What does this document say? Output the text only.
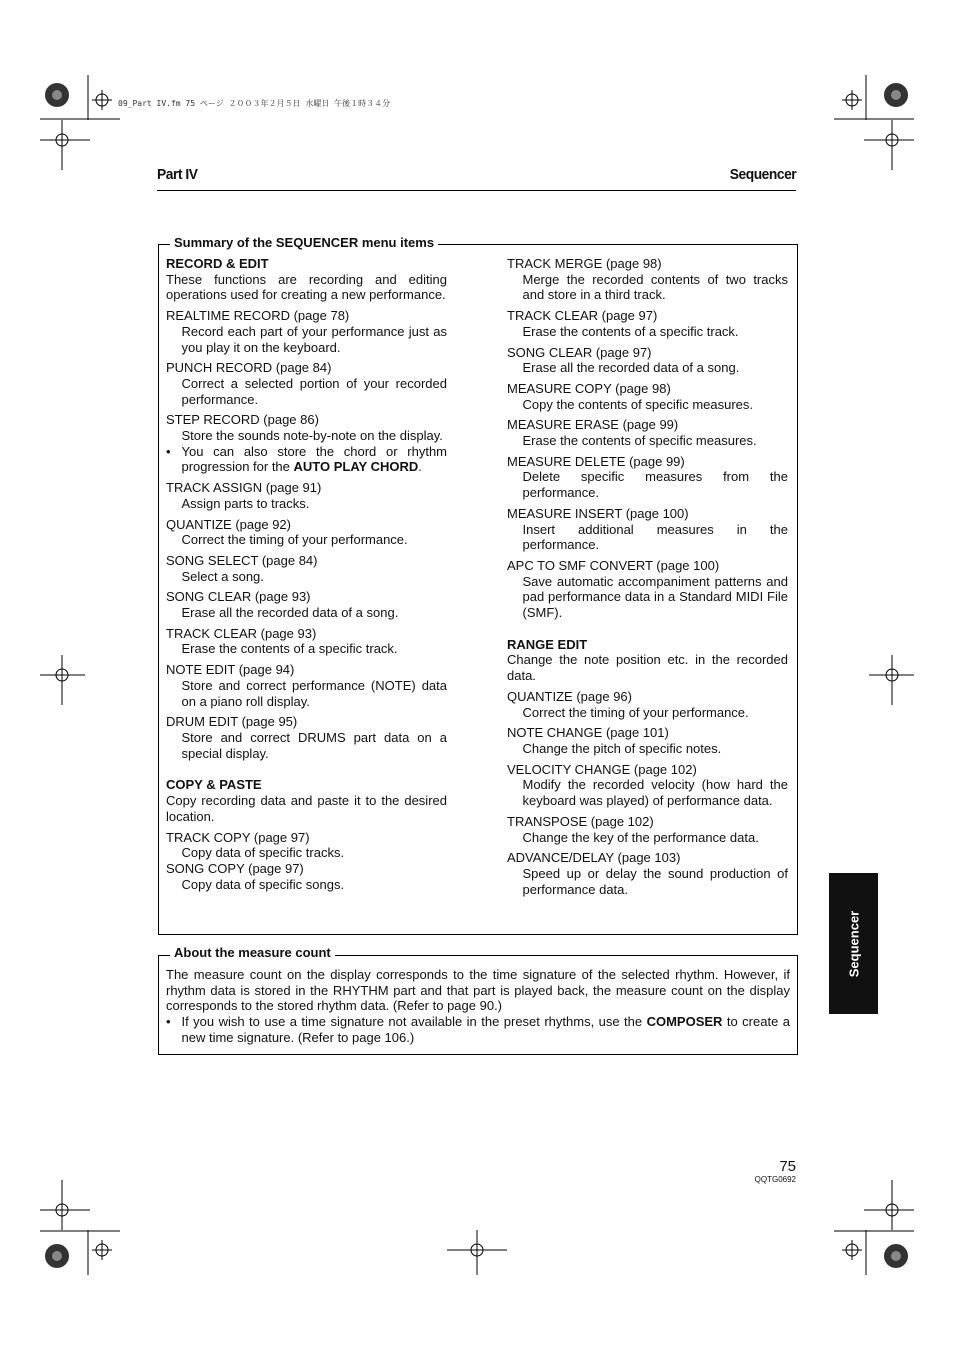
09_Part IV.fm 75 ページ ２００３年２月５日 水曜日 午後１時３４分
Part IV	Sequencer
Summary of the SEQUENCER menu items
RECORD & EDIT
These functions are recording and editing operations used for creating a new performance.
REALTIME RECORD (page 78)
Record each part of your performance just as you play it on the keyboard.
PUNCH RECORD (page 84)
Correct a selected portion of your recorded performance.
STEP RECORD (page 86)
Store the sounds note-by-note on the display.
• You can also store the chord or rhythm progression for the AUTO PLAY CHORD.
TRACK ASSIGN (page 91)
Assign parts to tracks.
QUANTIZE (page 92)
Correct the timing of your performance.
SONG SELECT (page 84)
Select a song.
SONG CLEAR (page 93)
Erase all the recorded data of a song.
TRACK CLEAR (page 93)
Erase the contents of a specific track.
NOTE EDIT (page 94)
Store and correct performance (NOTE) data on a piano roll display.
DRUM EDIT (page 95)
Store and correct DRUMS part data on a special display.
COPY & PASTE
Copy recording data and paste it to the desired location.
TRACK COPY (page 97)
Copy data of specific tracks.
SONG COPY (page 97)
Copy data of specific songs.
TRACK MERGE (page 98)
Merge the recorded contents of two tracks and store in a third track.
TRACK CLEAR (page 97)
Erase the contents of a specific track.
SONG CLEAR (page 97)
Erase all the recorded data of a song.
MEASURE COPY (page 98)
Copy the contents of specific measures.
MEASURE ERASE (page 99)
Erase the contents of specific measures.
MEASURE DELETE (page 99)
Delete specific measures from the performance.
MEASURE INSERT (page 100)
Insert additional measures in the performance.
APC TO SMF CONVERT (page 100)
Save automatic accompaniment patterns and pad performance data in a Standard MIDI File (SMF).
RANGE EDIT
Change the note position etc. in the recorded data.
QUANTIZE (page 96)
Correct the timing of your performance.
NOTE CHANGE (page 101)
Change the pitch of specific notes.
VELOCITY CHANGE (page 102)
Modify the recorded velocity (how hard the keyboard was played) of performance data.
TRANSPOSE (page 102)
Change the key of the performance data.
ADVANCE/DELAY (page 103)
Speed up or delay the sound production of performance data.
About the measure count

The measure count on the display corresponds to the time signature of the selected rhythm. However, if rhythm data is stored in the RHYTHM part and that part is played back, the measure count on the display corresponds to the stored rhythm data. (Refer to page 90.)

• If you wish to use a time signature not available in the preset rhythms, use the COMPOSER to create a new time signature. (Refer to page 106.)
Sequencer
75
QQTG0692
